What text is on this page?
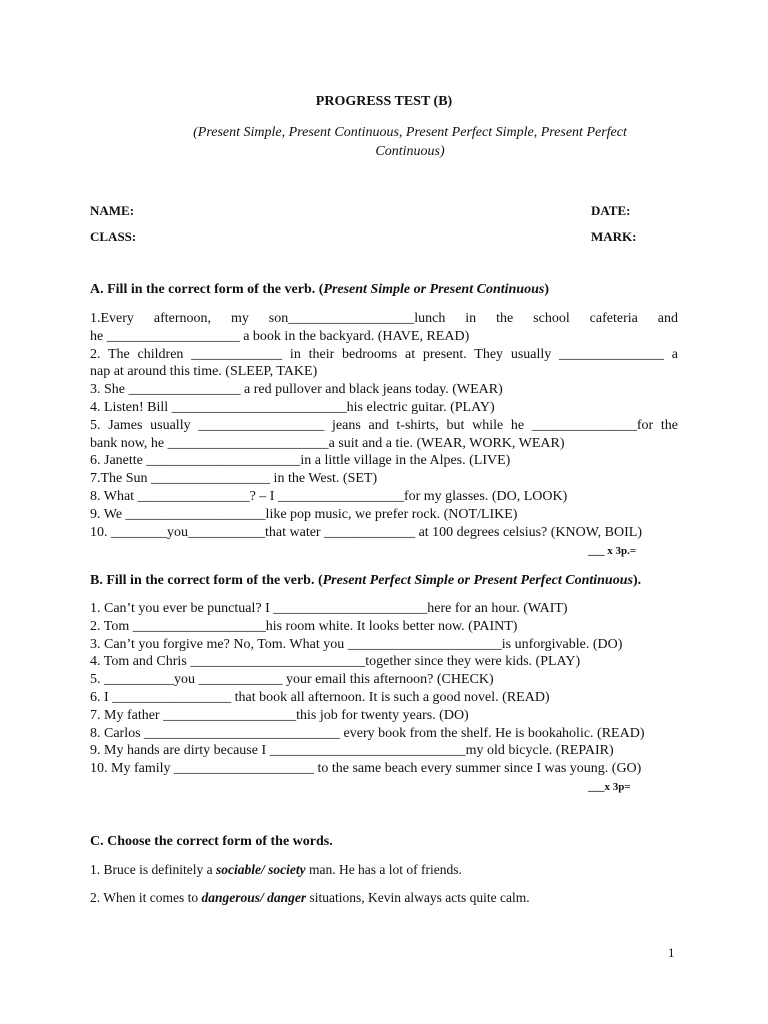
PROGRESS TEST (B)
(Present Simple, Present Continuous, Present Perfect Simple, Present Perfect
Continuous)
NAME:	DATE:
CLASS:	MARK:
A. Fill in the correct form of the verb. (Present Simple or Present Continuous)
1.Every afternoon, my son__________________lunch in the school cafeteria and
he ___________________ a book in the backyard. (HAVE, READ)
2. The children _____________ in their bedrooms at present. They usually _______________ a
nap at around this time. (SLEEP, TAKE)
3. She ________________ a red pullover and black jeans today. (WEAR)
4. Listen! Bill _________________________his electric guitar. (PLAY)
5. James usually __________________ jeans and t-shirts, but while he _______________for the
bank now, he _______________________a suit and a tie. (WEAR, WORK, WEAR)
6. Janette ______________________in a little village in the Alpes. (LIVE)
7.The Sun _________________ in the West. (SET)
8. What ________________? – I __________________for my glasses. (DO, LOOK)
9. We ____________________like pop music, we prefer rock. (NOT/LIKE)
10. ________you___________that water _____________ at 100 degrees celsius? (KNOW, BOIL)
___ x 3p.=
B. Fill in the correct form of the verb. (Present Perfect Simple or Present Perfect Continuous).
1. Can’t you ever be punctual? I ______________________here for an hour. (WAIT)
2. Tom ___________________his room white. It looks better now. (PAINT)
3. Can’t you forgive me? No, Tom. What you ______________________is unforgivable. (DO)
4. Tom and Chris _________________________together since they were kids. (PLAY)
5. __________you ____________ your email this afternoon? (CHECK)
6. I _________________ that book all afternoon. It is such a good novel. (READ)
7. My father ___________________this job for twenty years. (DO)
8. Carlos ____________________________ every book from the shelf. He is bookaholic. (READ)
9. My hands are dirty because I ____________________________my old bicycle. (REPAIR)
10. My family ____________________ to the same beach every summer since I was young. (GO)
___x 3p=
C. Choose the correct form of the words.
1. Bruce is definitely a sociable/ society man. He has a lot of friends.
2. When it comes to dangerous/ danger situations, Kevin always acts quite calm.
1
